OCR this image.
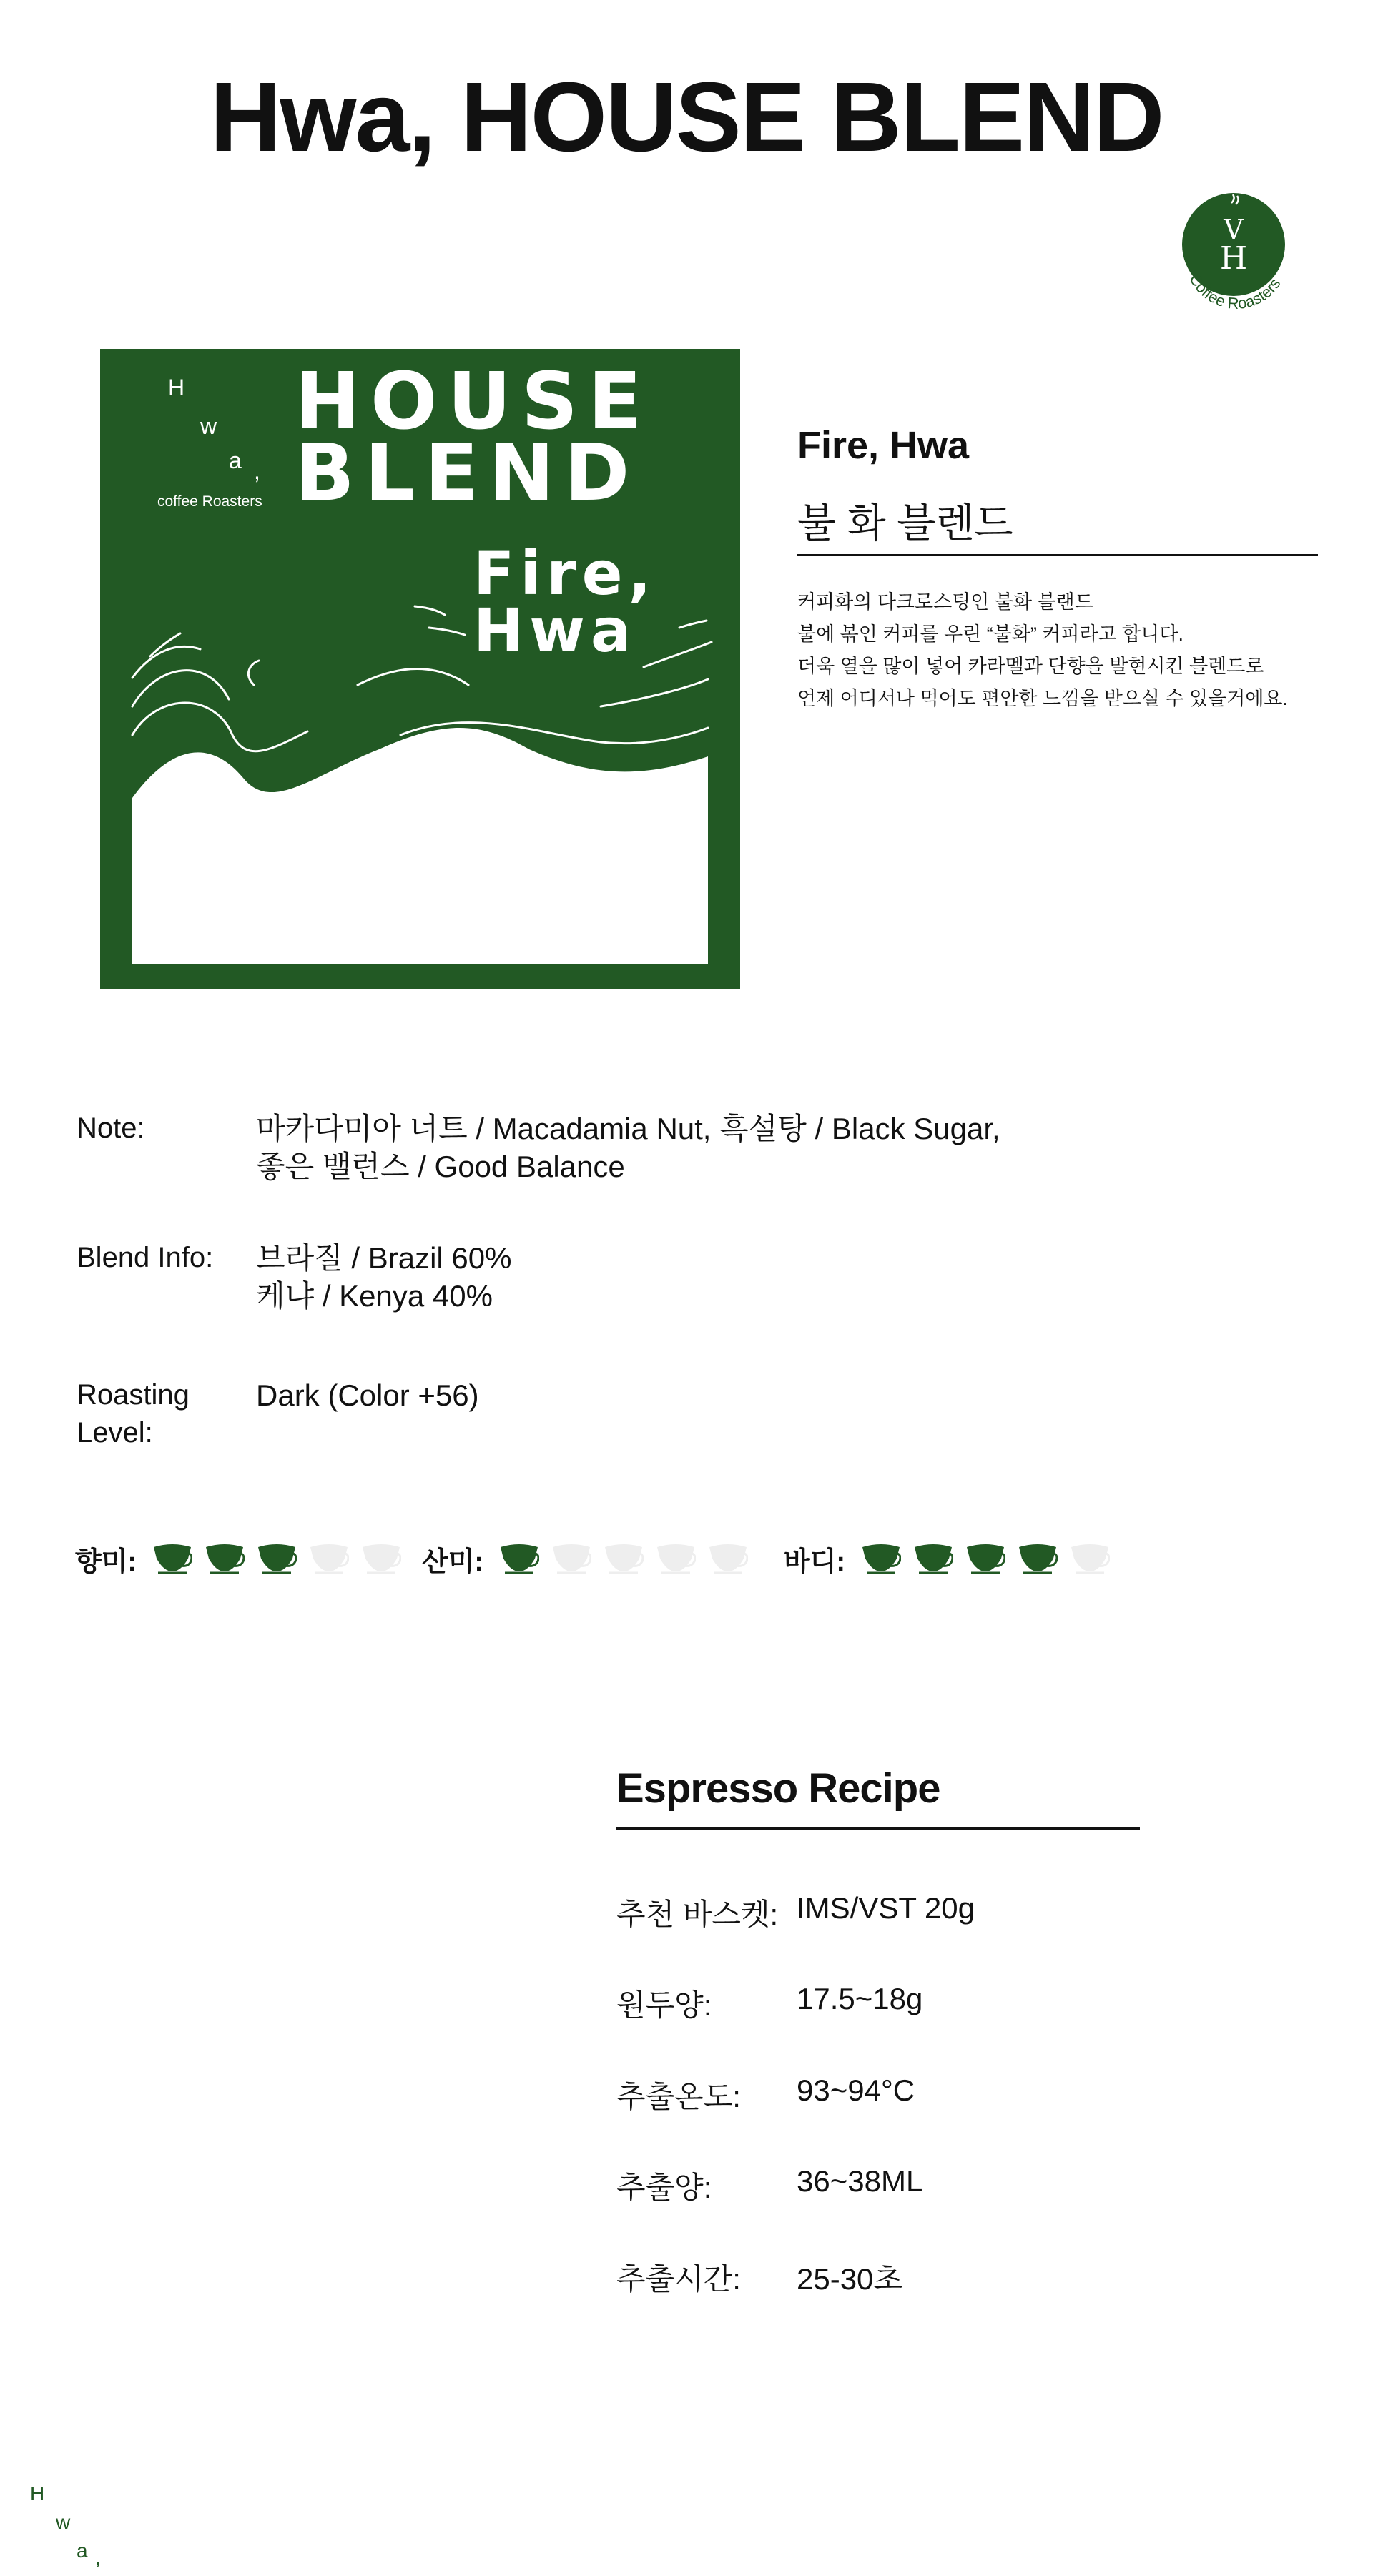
Hwa, HOUSE BLEND
V
H
Coffee Roasters
H
w
a ,
coffee Roasters
HOUSE
BLEND
Fire,
Hwa
Fire, Hwa
불 화 블렌드
커피화의 다크로스팅인 불화 블랜드
불에 볶인 커피를 우린 “불화” 커피라고 합니다.
더욱 열을 많이 넣어 카라멜과 단향을 발현시킨 블렌드로
언제 어디서나 먹어도 편안한 느낌을 받으실 수 있을거에요.
Note:	마카다미아 너트 / Macadamia Nut, 흑설탕 / Black Sugar,
좋은 밸런스 / Good Balance
Blend Info: 브라질 / Brazil 60%
케냐 / Kenya 40%
Roasting
Level:
Dark (Color +56)
향미:	산미:	바디:
Espresso Recipe
추천 바스켓: IMS/VST 20g
원두양:	17.5~18g
추출온도:	93~94°C
추출양:	36~38ML
추출시간:	25-30초
H
w
a ,
